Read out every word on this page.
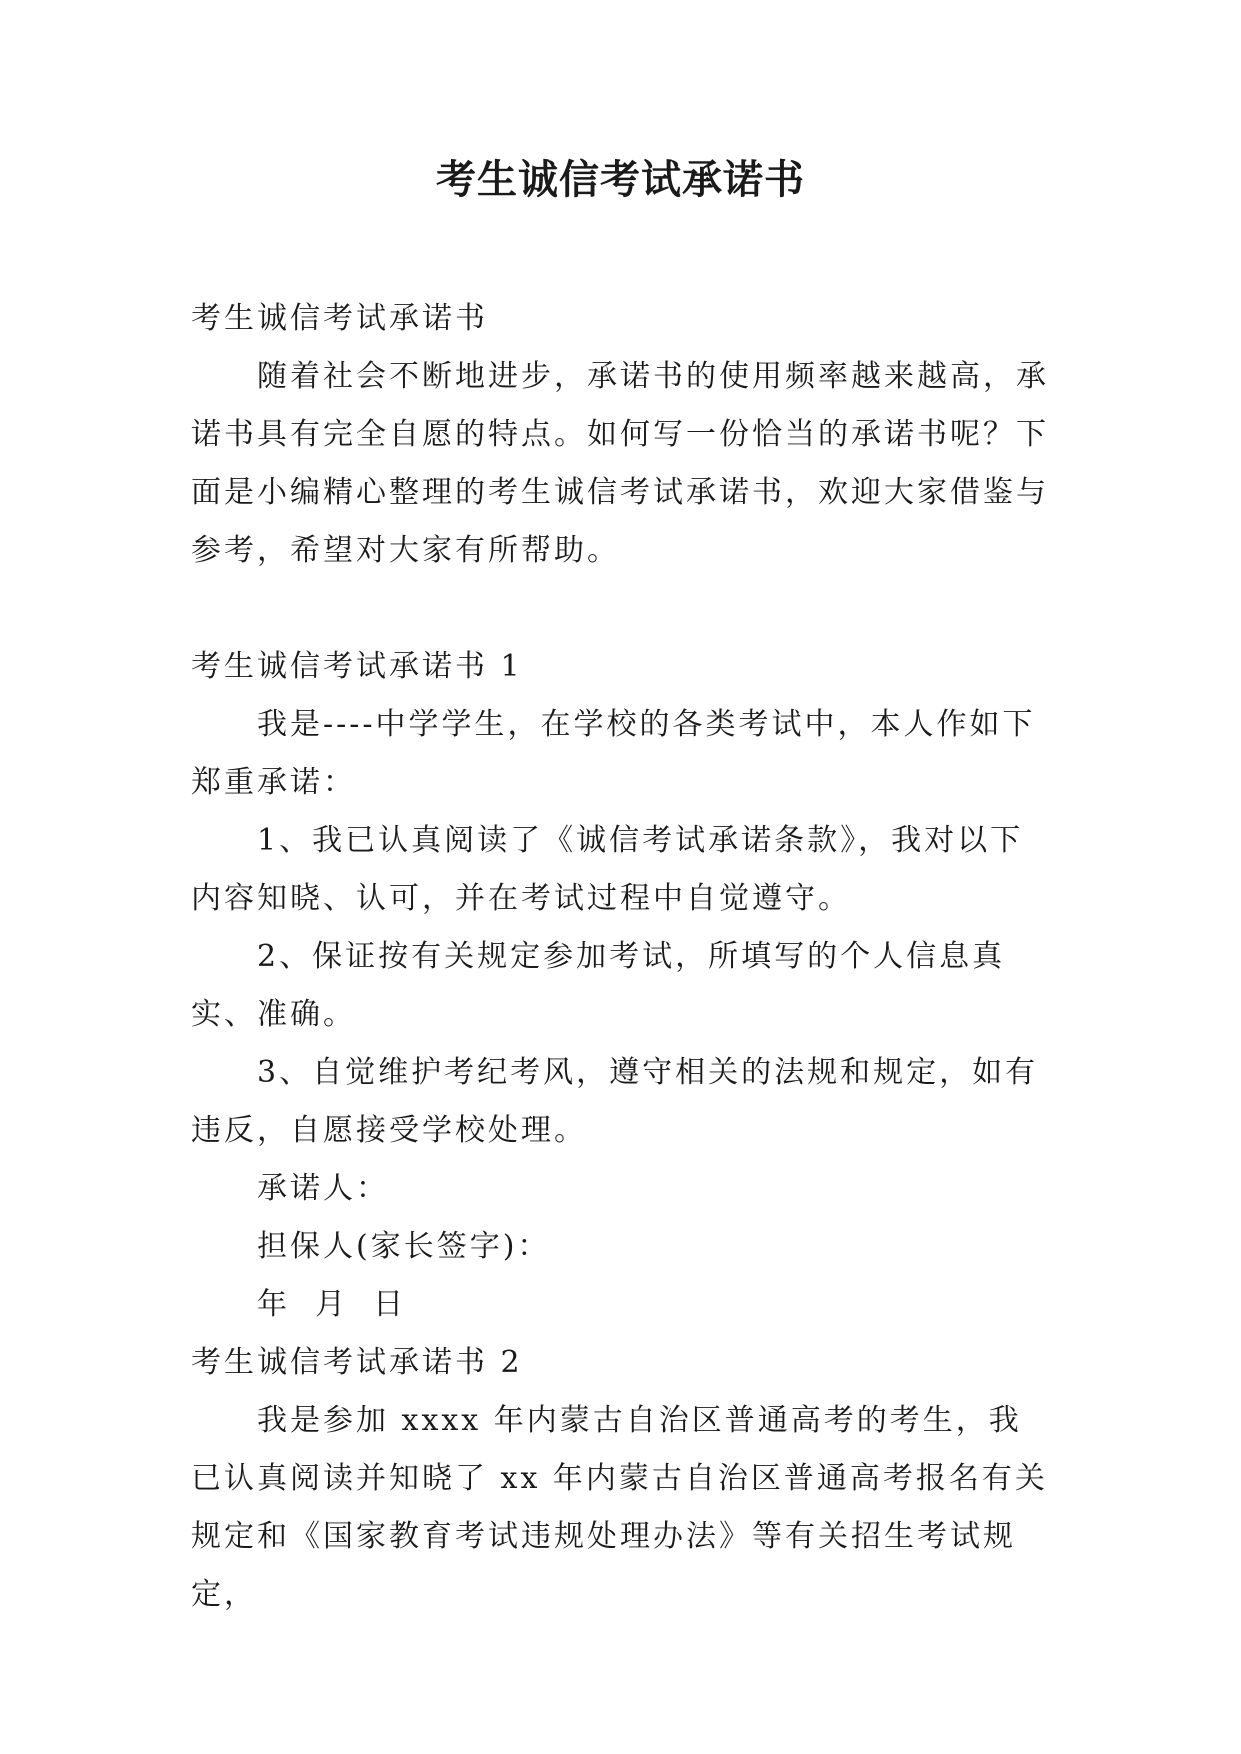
考生诚信考试承诺书

考生诚信考试承诺书

随着社会不断地进步，承诺书的使用频率越来越高，承诺书具有完全自愿的特点。如何写一份恰当的承诺书呢？下面是小编精心整理的考生诚信考试承诺书，欢迎大家借鉴与参考，希望对大家有所帮助。

考生诚信考试承诺书 1

我是----中学学生，在学校的各类考试中，本人作如下郑重承诺：

1、我已认真阅读了《诚信考试承诺条款》，我对以下内容知晓、认可，并在考试过程中自觉遵守。

2、保证按有关规定参加考试，所填写的个人信息真实、准确。

3、自觉维护考纪考风，遵守相关的法规和规定，如有违反，自愿接受学校处理。

承诺人：

担保人(家长签字)：

年  月  日

考生诚信考试承诺书 2

我是参加 xxxx 年内蒙古自治区普通高考的考生，我已认真阅读并知晓了 xx 年内蒙古自治区普通高考报名有关规定和《国家教育考试违规处理办法》等有关招生考试规定，
